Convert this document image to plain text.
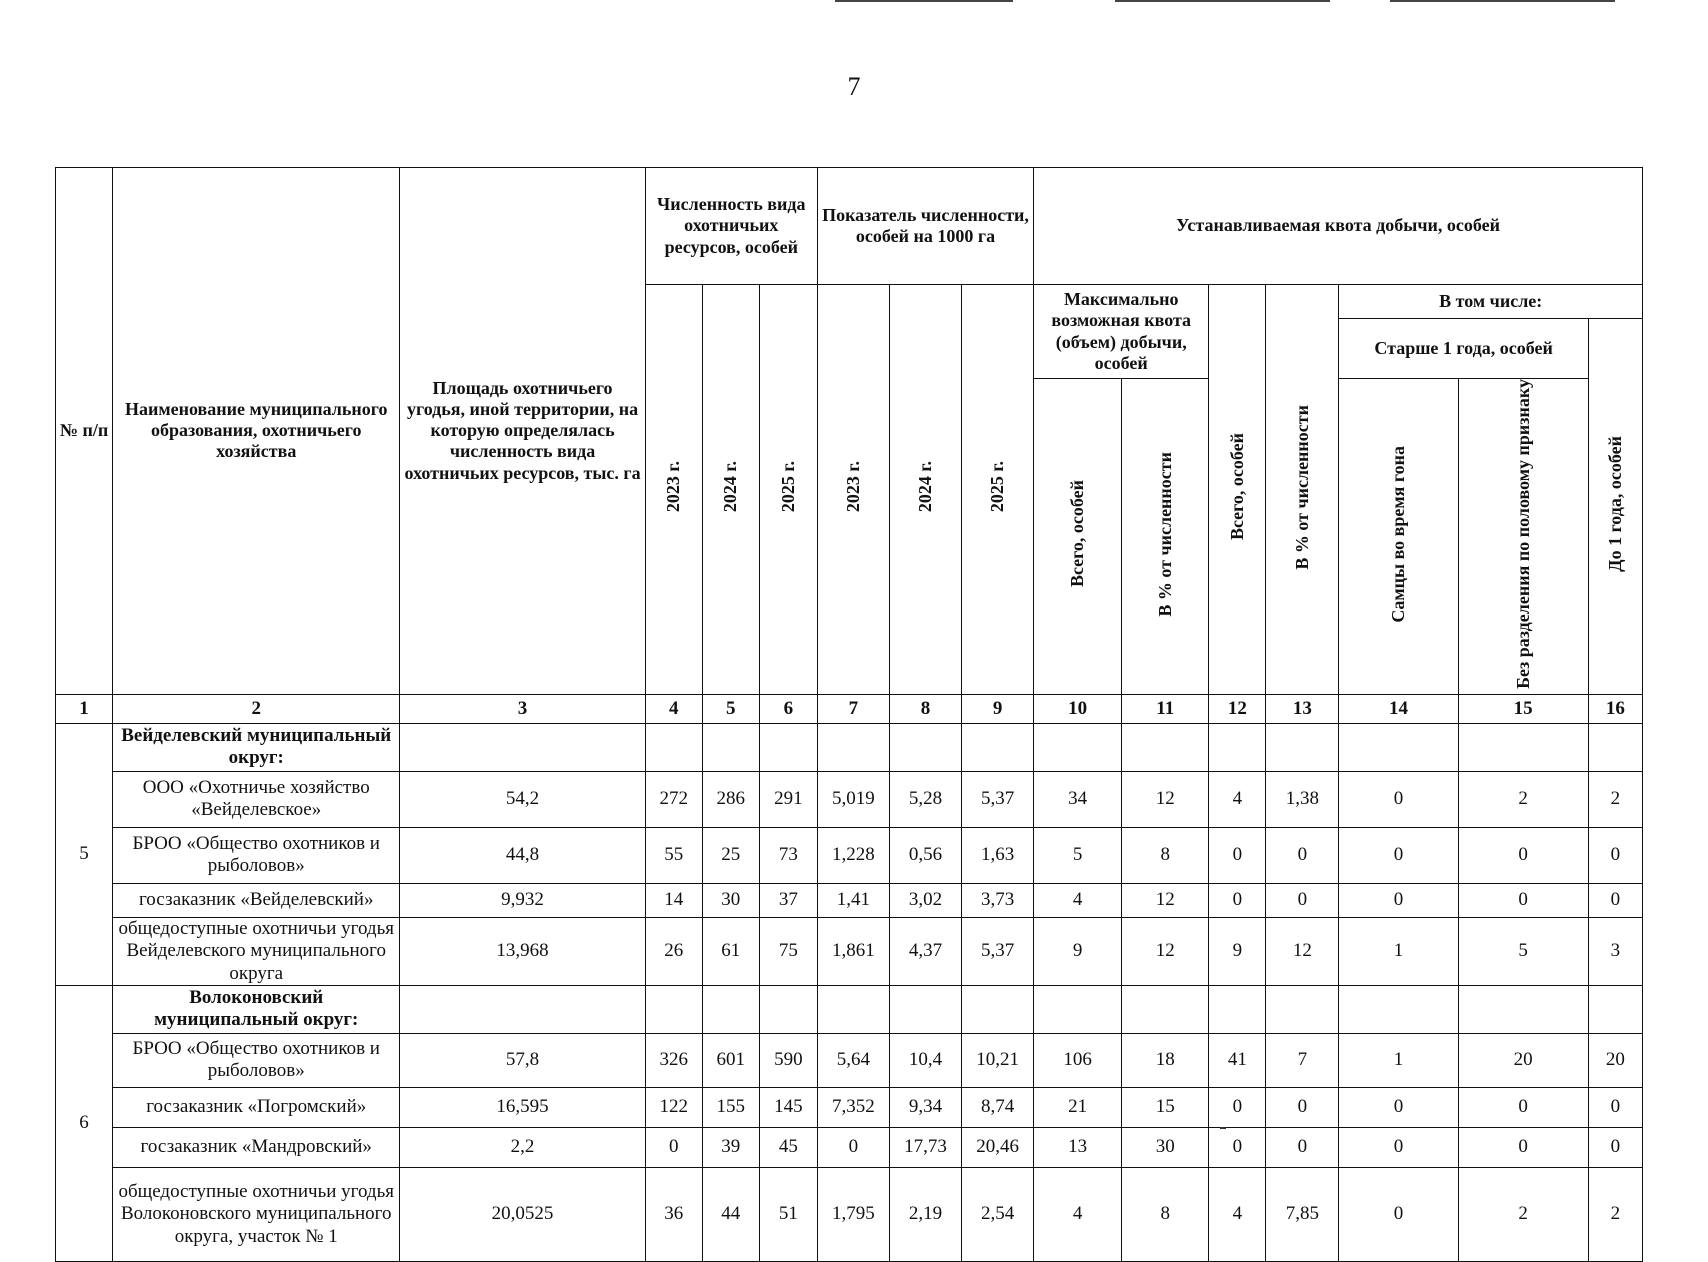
7
№ п/п	Наименование муниципального образования, охотничьего хозяйства	Площадь охотничьего угодья, иной территории, на которую определялась численность вида охотничьих ресурсов, тыс. га	Численность вида охотничьих ресурсов, особей			Показатель численности, особей на 1000 га			Устанавливаемая квота добычи, особей						
			2023 г.	2024 г.	2025 г.	2023 г.	2024 г.	2025 г.	Максимально возможная квота (объем) добычи, особей		Всего, особей	В % от численности	В том числе:		
													Старше 1 года, особей		До 1 года, особей
									Всего, особей	В % от численности			Самцы во время гона	Без разделения по половому признаку	
1	2	3	4	5	6	7	8	9	10	11	12	13	14	15	16
5	Вейделевский муниципальный округ:														
	ООО «Охотничье хозяйство «Вейделевское»	54,2	272	286	291	5,019	5,28	5,37	34	12	4	1,38	0	2	2
	БРОО «Общество охотников и рыболовов»	44,8	55	25	73	1,228	0,56	1,63	5	8	0	0	0	0	0
	госзаказник «Вейделевский»	9,932	14	30	37	1,41	3,02	3,73	4	12	0	0	0	0	0
	общедоступные охотничьи угодья Вейделевского муниципального округа	13,968	26	61	75	1,861	4,37	5,37	9	12	9	12	1	5	3
6	Волоконовский муниципальный округ:														
	БРОО «Общество охотников и рыболовов»	57,8	326	601	590	5,64	10,4	10,21	106	18	41	7	1	20	20
	госзаказник «Погромский»	16,595	122	155	145	7,352	9,34	8,74	21	15	0	0	0	0	0
	госзаказник «Мандровский»	2,2	0	39	45	0	17,73	20,46	13	30	0	0	0	0	0
	общедоступные охотничьи угодья Волоконовского муниципального округа, участок № 1	20,0525	36	44	51	1,795	2,19	2,54	4	8	4	7,85	0	2	2
